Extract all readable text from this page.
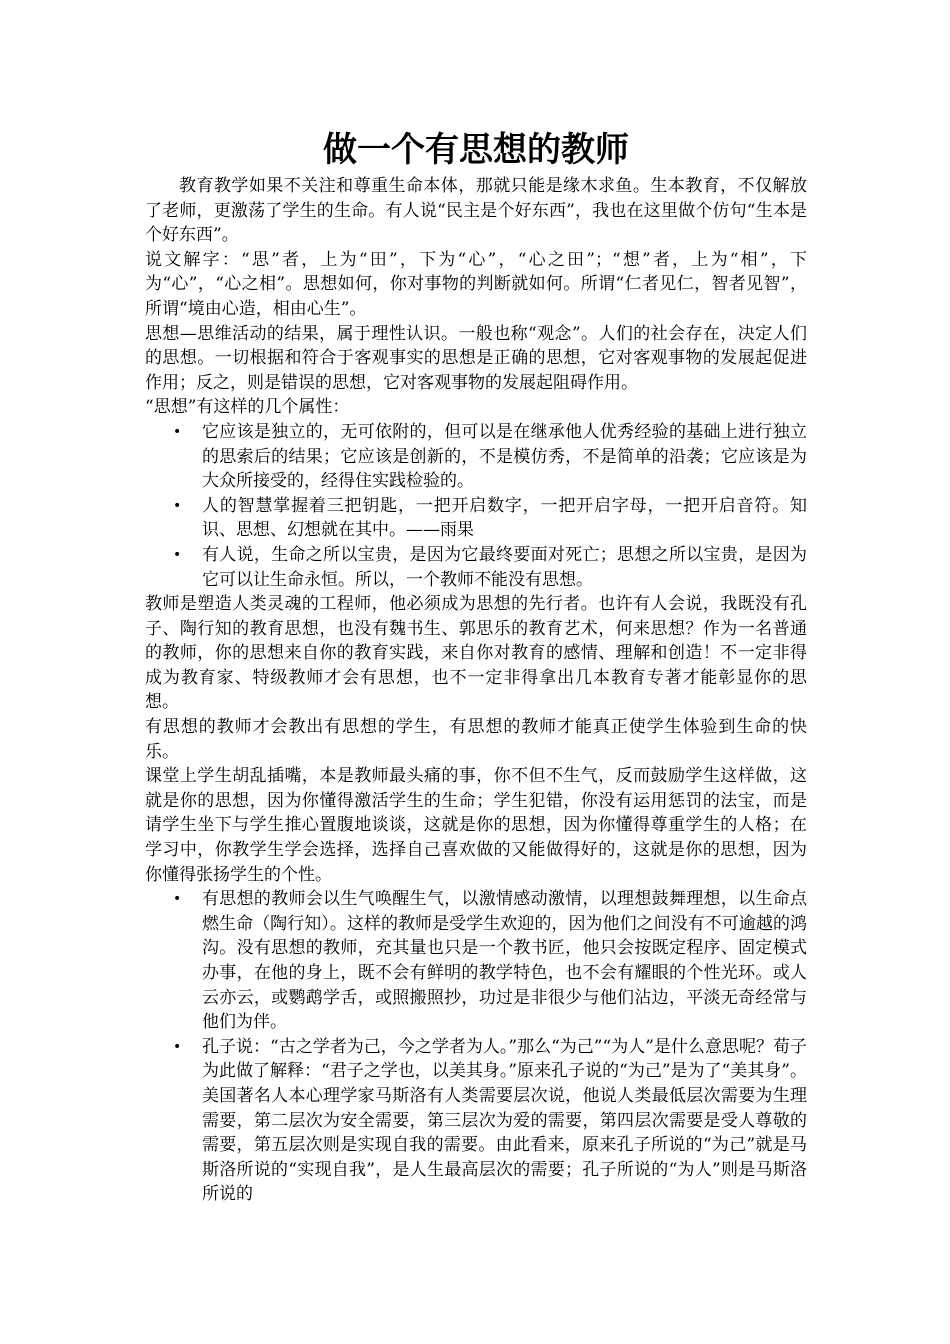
做一个有思想的教师

教育教学如果不关注和尊重生命本体，那就只能是缘木求鱼。生本教育，不仅解放了老师，更激荡了学生的生命。有人说“民主是个好东西”，我也在这里做个仿句“生本是个好东西”。

说文解字：“思”者，上为“田”，下为“心”，“心之田”；“想”者，上为“相”，下为“心”，“心之相”。思想如何，你对事物的判断就如何。所谓“仁者见仁，智者见智”，所谓“境由心造，相由心生”。

思想—思维活动的结果，属于理性认识。一般也称“观念”。人们的社会存在，决定人们的思想。一切根据和符合于客观事实的思想是正确的思想，它对客观事物的发展起促进作用；反之，则是错误的思想，它对客观事物的发展起阻碍作用。

“思想”有这样的几个属性：

• 它应该是独立的，无可依附的，但可以是在继承他人优秀经验的基础上进行独立的思索后的结果；它应该是创新的，不是模仿秀，不是简单的沿袭；它应该是为大众所接受的，经得住实践检验的。
• 人的智慧掌握着三把钥匙，一把开启数字，一把开启字母，一把开启音符。知识、思想、幻想就在其中。——雨果
• 有人说，生命之所以宝贵，是因为它最终要面对死亡；思想之所以宝贵，是因为它可以让生命永恒。所以，一个教师不能没有思想。

教师是塑造人类灵魂的工程师，他必须成为思想的先行者。也许有人会说，我既没有孔子、陶行知的教育思想，也没有魏书生、郭思乐的教育艺术，何来思想？作为一名普通的教师，你的思想来自你的教育实践，来自你对教育的感情、理解和创造！不一定非得成为教育家、特级教师才会有思想，也不一定非得拿出几本教育专著才能彰显你的思想。

有思想的教师才会教出有思想的学生，有思想的教师才能真正使学生体验到生命的快乐。

课堂上学生胡乱插嘴，本是教师最头痛的事，你不但不生气，反而鼓励学生这样做，这就是你的思想，因为你懂得激活学生的生命；学生犯错，你没有运用惩罚的法宝，而是请学生坐下与学生推心置腹地谈谈，这就是你的思想，因为你懂得尊重学生的人格；在学习中，你教学生学会选择，选择自己喜欢做的又能做得好的，这就是你的思想，因为你懂得张扬学生的个性。

• 有思想的教师会以生气唤醒生气，以激情感动激情，以理想鼓舞理想，以生命点燃生命（陶行知）。这样的教师是受学生欢迎的，因为他们之间没有不可逾越的鸿沟。没有思想的教师，充其量也只是一个教书匠，他只会按既定程序、固定模式办事，在他的身上，既不会有鲜明的教学特色，也不会有耀眼的个性光环。或人云亦云，或鹦鹉学舌，或照搬照抄，功过是非很少与他们沾边，平淡无奇经常与他们为伴。
• 孔子说：“古之学者为己，今之学者为人。”那么“为己”“为人”是什么意思呢？荀子为此做了解释：“君子之学也，以美其身。”原来孔子说的“为己”是为了“美其身”。美国著名人本心理学家马斯洛有人类需要层次说，他说人类最低层次需要为生理需要，第二层次为安全需要，第三层次为爱的需要，第四层次需要是受人尊敬的需要，第五层次则是实现自我的需要。由此看来，原来孔子所说的“为己”就是马斯洛所说的“实现自我”，是人生最高层次的需要；孔子所说的“为人”则是马斯洛所说的
